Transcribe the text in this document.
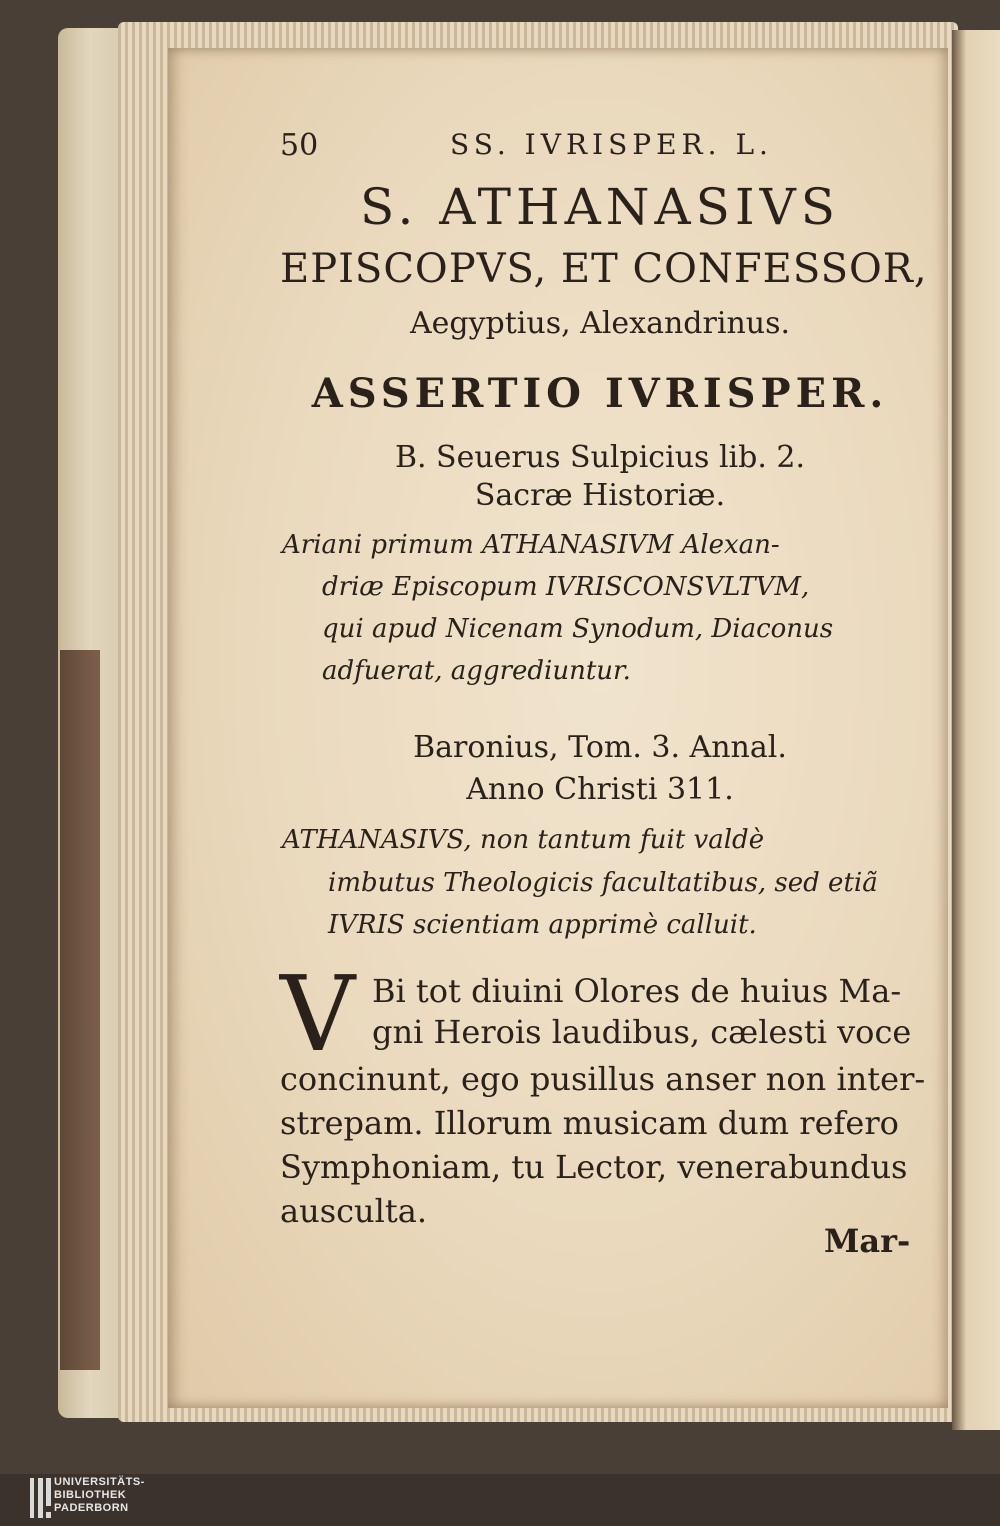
50	SS. IVRISPER. L.
S. ATHANASIVS
EPISCOPVS, ET CONFESSOR,
Aegyptius, Alexandrinus.
ASSERTIO IVRISPER.
B. Seuerus Sulpicius lib. 2.
Sacræ Historiæ.
Ariani primum ATHANASIVM Alexan-
driæ Episcopum IVRISCONSVLTVM,
qui apud Nicenam Synodum, Diaconus
adfuerat, aggrediuntur.
Baronius, Tom. 3. Annal.
Anno Christi 311.
ATHANASIVS, non tantum fuit valdè
imbutus Theologicis facultatibus, sed etiã
IVRIS scientiam apprimè calluit.
V Bi tot diuini Olores de huius Ma-
gni Herois laudibus, cælesti voce
concinunt, ego pusillus anser non inter-
strepam. Illorum musicam dum refero
Symphoniam, tu Lector, venerabundus
ausculta.
Mar-
UNIVERSITÄTS-
BIBLIOTHEK
PADERBORN
